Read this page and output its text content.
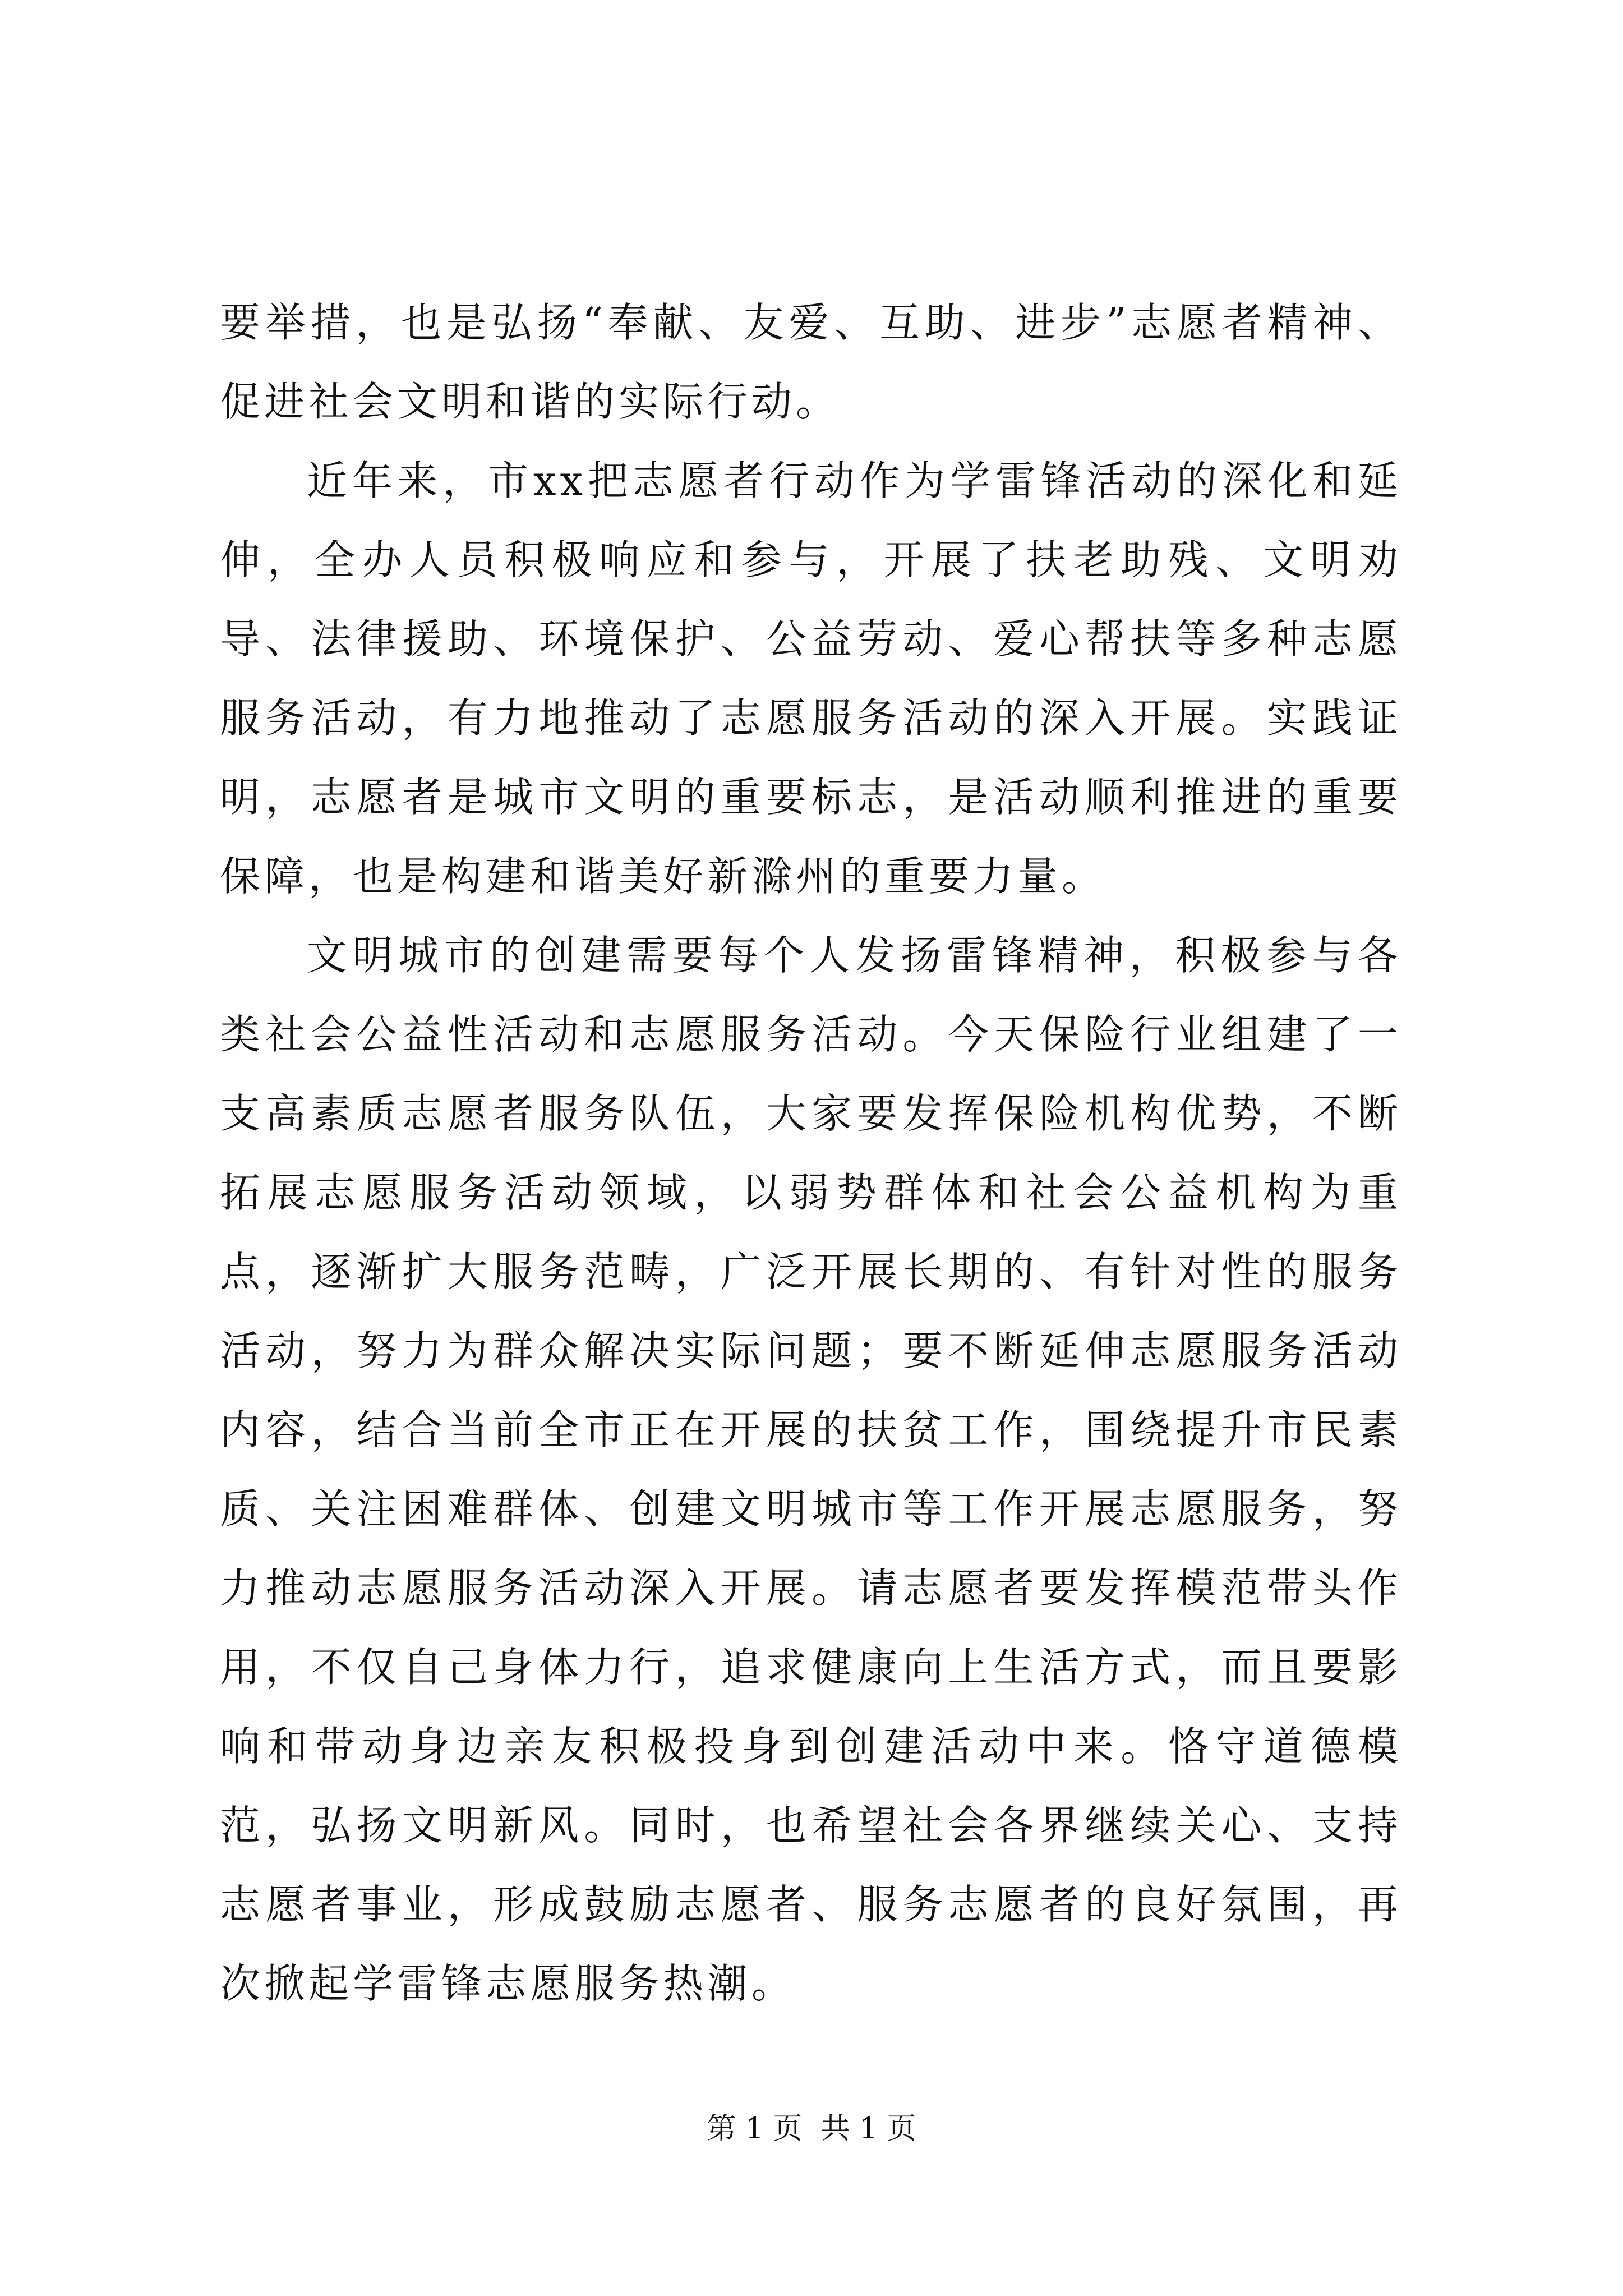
要举措，也是弘扬“奉献、友爱、互助、进步”志愿者精神、促进社会文明和谐的实际行动。

近年来，市xx把志愿者行动作为学雷锋活动的深化和延伸，全办人员积极响应和参与，开展了扶老助残、文明劝导、法律援助、环境保护、公益劳动、爱心帮扶等多种志愿服务活动，有力地推动了志愿服务活动的深入开展。实践证明，志愿者是城市文明的重要标志，是活动顺利推进的重要保障，也是构建和谐美好新滁州的重要力量。

文明城市的创建需要每个人发扬雷锋精神，积极参与各类社会公益性活动和志愿服务活动。今天保险行业组建了一支高素质志愿者服务队伍，大家要发挥保险机构优势，不断拓展志愿服务活动领域，以弱势群体和社会公益机构为重点，逐渐扩大服务范畴，广泛开展长期的、有针对性的服务活动，努力为群众解决实际问题；要不断延伸志愿服务活动内容，结合当前全市正在开展的扶贫工作，围绕提升市民素质、关注困难群体、创建文明城市等工作开展志愿服务，努力推动志愿服务活动深入开展。请志愿者要发挥模范带头作用，不仅自己身体力行，追求健康向上生活方式，而且要影响和带动身边亲友积极投身到创建活动中来。恪守道德模范，弘扬文明新风。同时，也希望社会各界继续关心、支持志愿者事业，形成鼓励志愿者、服务志愿者的良好氛围，再次掀起学雷锋志愿服务热潮。

第 1 页  共 1 页
